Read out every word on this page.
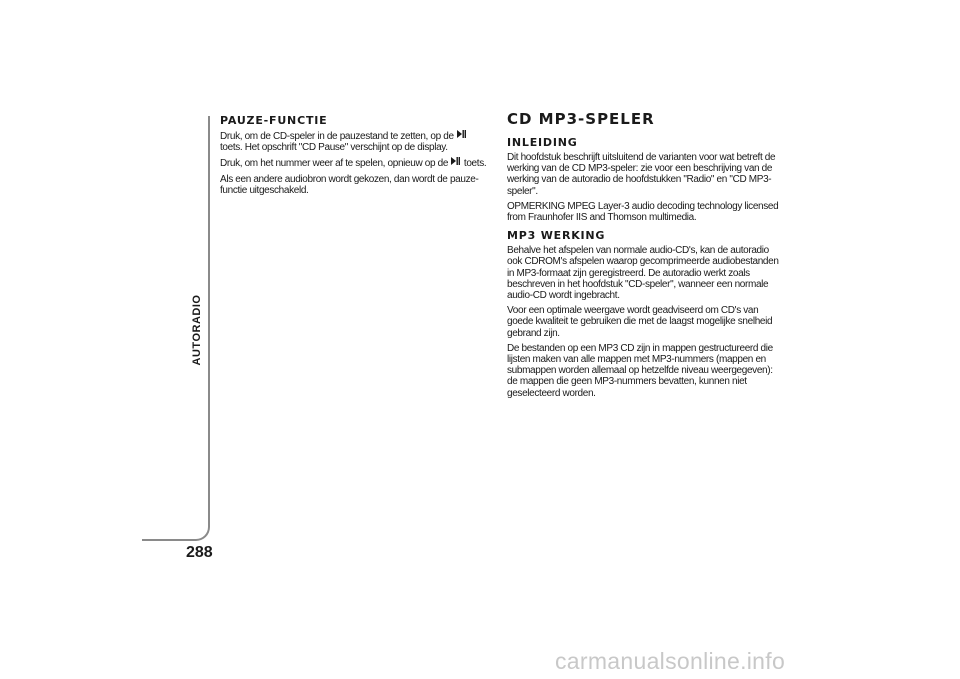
AUTORADIO
288
PAUZE-FUNCTIE

Druk, om de CD-speler in de pauzestand te zetten, op de  toets. Het opschrift "CD Pause" verschijnt op de display.

Druk, om het nummer weer af te spelen, opnieuw op de toets.

Als een andere audiobron wordt gekozen, dan wordt de pauze-functie uitgeschakeld.

CD MP3-SPELER
INLEIDING

Dit hoofdstuk beschrijft uitsluitend de varianten voor wat betreft de werking van de CD MP3-speler: zie voor een beschrijving van de werking van de autoradio de hoofdstukken "Radio" en "CD MP3-speler".

OPMERKING MPEG Layer-3 audio decoding technology licensed from Fraunhofer IIS and Thomson multimedia.

MP3 WERKING

Behalve het afspelen van normale audio-CD's, kan de autoradio ook CDROM's afspelen waarop gecomprimeerde audiobestanden in MP3-formaat zijn geregistreerd. De autoradio werkt zoals beschreven in het hoofdstuk "CD-speler", wanneer een normale audio-CD wordt ingebracht.

Voor een optimale weergave wordt geadviseerd om CD's van goede kwaliteit te gebruiken die met de laagst mogelijke snelheid gebrand zijn.

De bestanden op een MP3 CD zijn in mappen gestructureerd die lijsten maken van alle mappen met MP3-nummers (mappen en submappen worden allemaal op hetzelfde niveau weergegeven): de mappen die geen MP3-nummers bevatten, kunnen niet geselecteerd worden.

carmanualsonline.info
